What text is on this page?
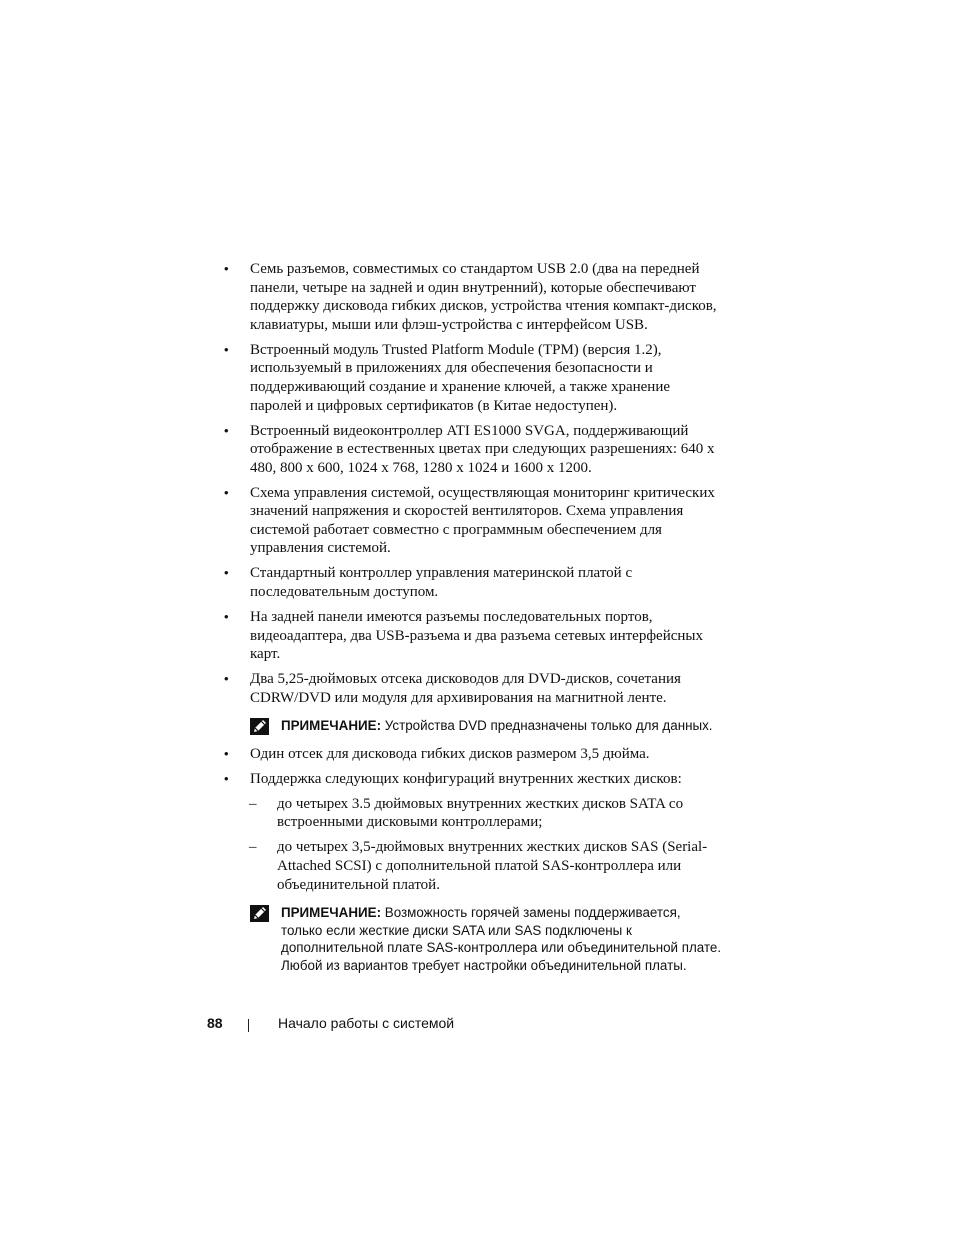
• Семь разъемов, совместимых со стандартом USB 2.0 (два на передней панели, четыре на задней и один внутренний), которые обеспечивают поддержку дисковода гибких дисков, устройства чтения компакт-дисков, клавиатуры, мыши или флэш-устройства с интерфейсом USB.
• Встроенный модуль Trusted Platform Module (TPM) (версия 1.2), используемый в приложениях для обеспечения безопасности и поддерживающий создание и хранение ключей, а также хранение паролей и цифровых сертификатов (в Китае недоступен).
• Встроенный видеоконтроллер ATI ES1000 SVGA, поддерживающий отображение в естественных цветах при следующих разрешениях: 640 x 480, 800 x 600, 1024 x 768, 1280 x 1024 и 1600 x 1200.
• Схема управления системой, осуществляющая мониторинг критических значений напряжения и скоростей вентиляторов. Схема управления системой работает совместно с программным обеспечением для управления системой.
• Стандартный контроллер управления материнской платой с последовательным доступом.
• На задней панели имеются разъемы последовательных портов, видеоадаптера, два USB-разъема и два разъема сетевых интерфейсных карт.
• Два 5,25-дюймовых отсека дисководов для DVD-дисков, сочетания CDRW/DVD или модуля для архивирования на магнитной ленте.
ПРИМЕЧАНИЕ: Устройства DVD предназначены только для данных.
• Один отсек для дисковода гибких дисков размером 3,5 дюйма.
• Поддержка следующих конфигураций внутренних жестких дисков:
– до четырех 3.5 дюймовых внутренних жестких дисков SATA со встроенными дисковыми контроллерами;
– до четырех 3,5-дюймовых внутренних жестких дисков SAS (Serial-Attached SCSI) с дополнительной платой SAS-контроллера или объединительной платой.
ПРИМЕЧАНИЕ: Возможность горячей замены поддерживается, только если жесткие диски SATA или SAS подключены к дополнительной плате SAS-контроллера или объединительной плате. Любой из вариантов требует настройки объединительной платы.
88	Начало работы с системой
